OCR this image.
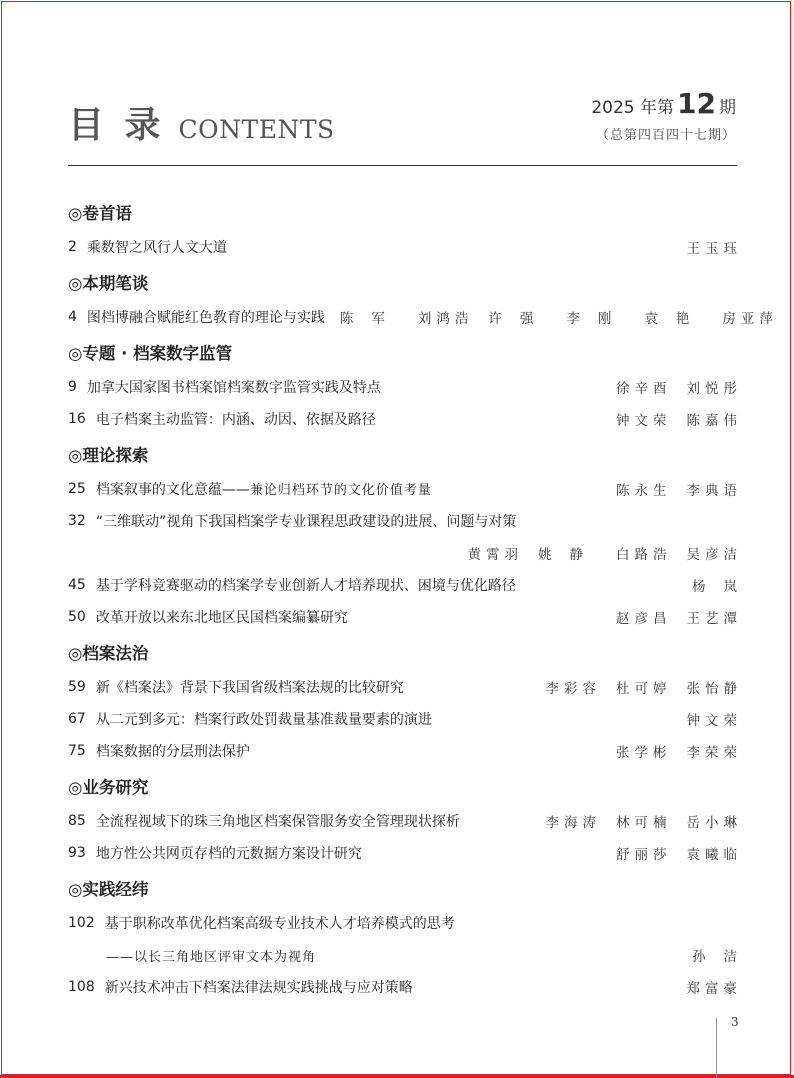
目 录 CONTENTS
2025 年第 12 期
（总第四百四十七期）
◎卷首语
2 乘数智之风行人文大道	王玉珏
◎本期笔谈
4 图档博融合赋能红色教育的理论与实践 陈军 刘鸿浩 许强 李刚 袁艳 房亚萍
◎专题 · 档案数字监管
9 加拿大国家图书档案馆档案数字监管实践及特点	徐辛酉 刘悦彤
16 电子档案主动监管：内涵、动因、依据及路径	钟文荣 陈嘉伟
◎理论探索
25 档案叙事的文化意蕴——兼论归档环节的文化价值考量	陈永生 李典语
32 “三维联动”视角下我国档案学专业课程思政建设的进展、问题与对策
黄霄羽 姚静 白路浩 吴彦洁
45 基于学科竞赛驱动的档案学专业创新人才培养现状、困境与优化路径	杨岚
50 改革开放以来东北地区民国档案编纂研究	赵彦昌 王艺潭
◎档案法治
59 新《档案法》背景下我国省级档案法规的比较研究	李彩容 杜可婷 张怡静
67 从二元到多元：档案行政处罚裁量基准裁量要素的演进	钟文荣
75 档案数据的分层刑法保护	张学彬 李荣荣
◎业务研究
85 全流程视域下的珠三角地区档案保管服务安全管理现状探析	李海涛 林可楠 岳小琳
93 地方性公共网页存档的元数据方案设计研究	舒丽莎 袁曦临
◎实践经纬
102 基于职称改革优化档案高级专业技术人才培养模式的思考
——以长三角地区评审文本为视角	孙洁
108 新兴技术冲击下档案法律法规实践挑战与应对策略	郑富豪
3
